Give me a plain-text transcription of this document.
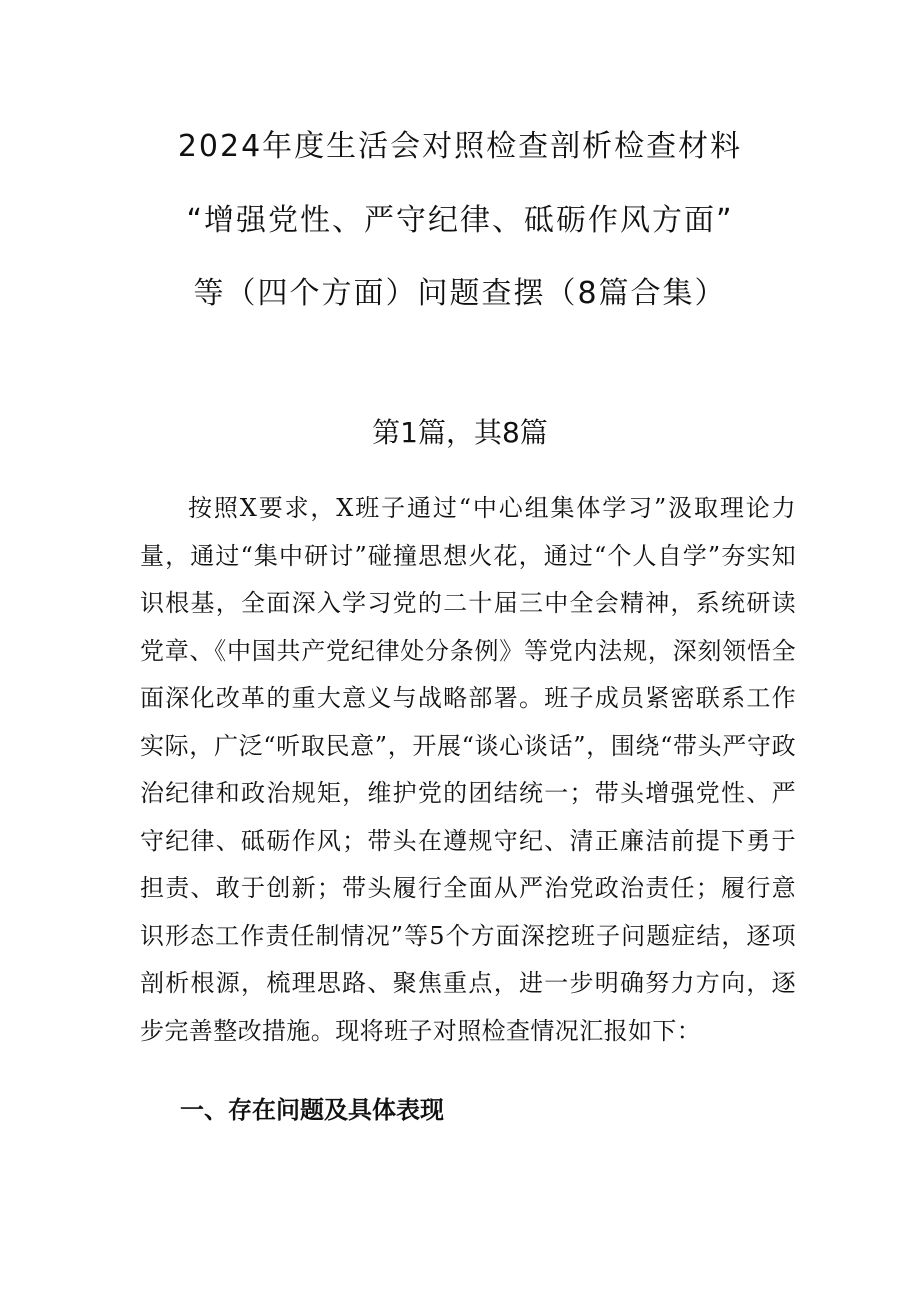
2024年度生活会对照检查剖析检查材料
“增强党性、严守纪律、砥砺作风方面”
等（四个方面）问题查摆（8篇合集）
第1篇，其8篇

按照X要求，X班子通过“中心组集体学习”汲取理论力量，通过“集中研讨”碰撞思想火花，通过“个人自学”夯实知识根基，全面深入学习党的二十届三中全会精神，系统研读党章、《中国共产党纪律处分条例》等党内法规，深刻领悟全面深化改革的重大意义与战略部署。班子成员紧密联系工作实际，广泛“听取民意”，开展“谈心谈话”，围绕“带头严守政治纪律和政治规矩，维护党的团结统一；带头增强党性、严守纪律、砥砺作风；带头在遵规守纪、清正廉洁前提下勇于担责、敢于创新；带头履行全面从严治党政治责任；履行意识形态工作责任制情况”等5个方面深挖班子问题症结，逐项剖析根源，梳理思路、聚焦重点，进一步明确努力方向，逐步完善整改措施。现将班子对照检查情况汇报如下：

一、存在问题及具体表现
